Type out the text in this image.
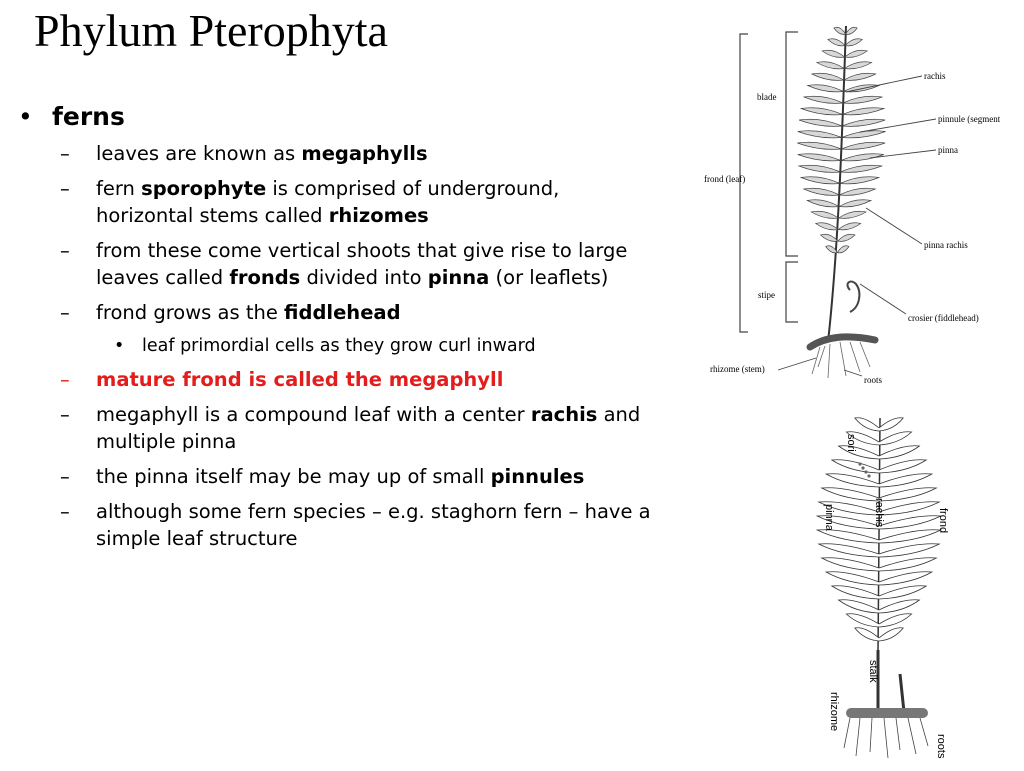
Phylum Pterophyta
• ferns
–	leaves are known as megaphylls
–	fern sporophyte is comprised of underground, horizontal stems called rhizomes
–	from these come vertical shoots that give rise to large leaves called fronds divided into pinna (or leaflets)
–	frond grows as the fiddlehead
•	leaf primordial cells as they grow curl inward
–	mature frond is called the megaphyll
–	megaphyll is a compound leaf with a center rachis and multiple pinna
–	the pinna itself may be may up of small pinnules
–	although some fern species – e.g. staghorn fern – have a simple leaf structure
blade
frond (leaf)
stipe
rachis
pinnule (segment)
pinna
pinna rachis
crosier (fiddlehead)
rhizome (stem)
roots
sori
pinna	rachis	frond
stalk
rhizome
roots
